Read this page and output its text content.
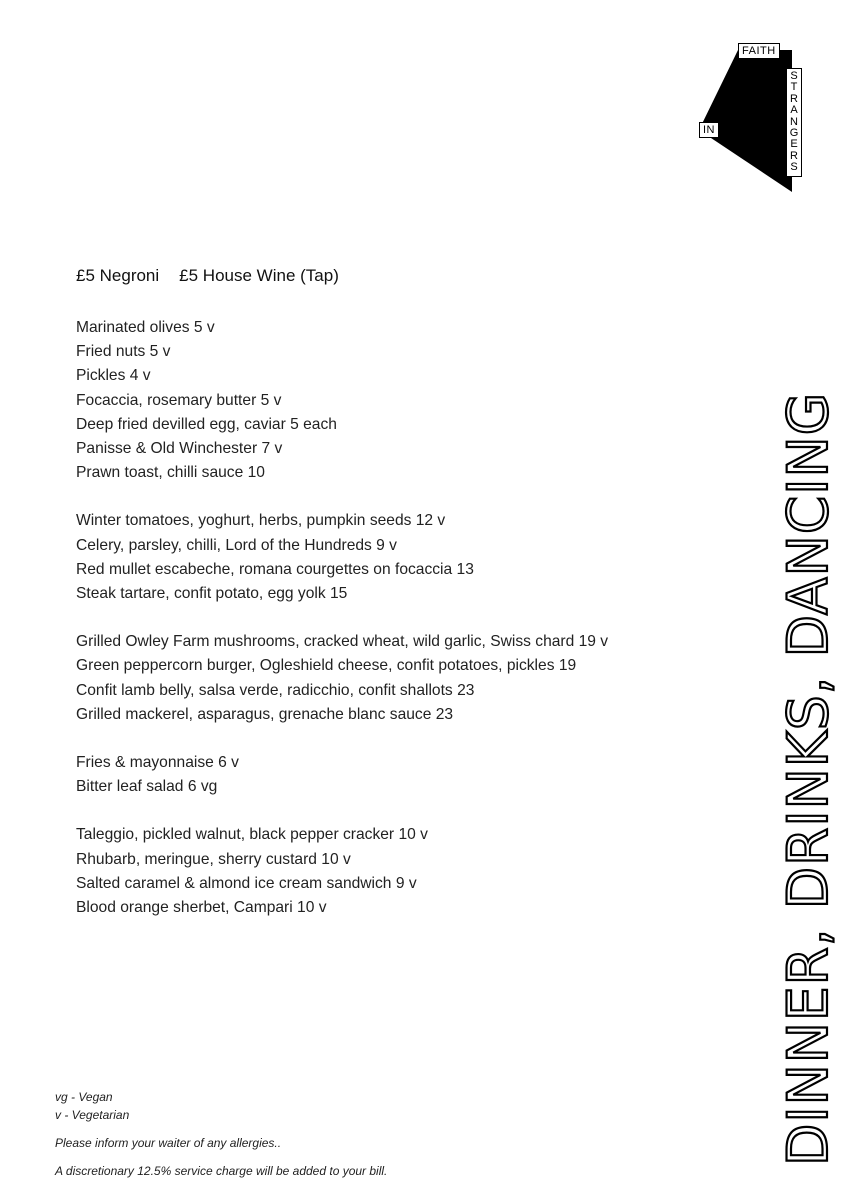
FAITH
IN
S
T
R
A
N
G
E
R
S
£5 Negroni £5 House Wine (Tap)
Marinated olives 5 v
Fried nuts 5 v
Pickles 4 v
Focaccia, rosemary butter 5 v
Deep fried devilled egg, caviar 5 each
Panisse & Old Winchester 7 v
Prawn toast, chilli sauce 10
Winter tomatoes, yoghurt, herbs, pumpkin seeds 12 v
Celery, parsley, chilli, Lord of the Hundreds 9 v
Red mullet escabeche, romana courgettes on focaccia 13
Steak tartare, confit potato, egg yolk 15
Grilled Owley Farm mushrooms, cracked wheat, wild garlic, Swiss chard 19 v
Green peppercorn burger, Ogleshield cheese, confit potatoes, pickles 19
Confit lamb belly, salsa verde, radicchio, confit shallots 23
Grilled mackerel, asparagus, grenache blanc sauce 23
Fries & mayonnaise 6 v
Bitter leaf salad 6 vg
Taleggio, pickled walnut, black pepper cracker 10 v
Rhubarb, meringue, sherry custard 10 v
Salted caramel & almond ice cream sandwich 9 v
Blood orange sherbet, Campari 10 v	DINNER, DRINKS, DANCING
vg - Vegan
v - Vegetarian
Please inform your waiter of any allergies..
A discretionary 12.5% service charge will be added to your bill.
